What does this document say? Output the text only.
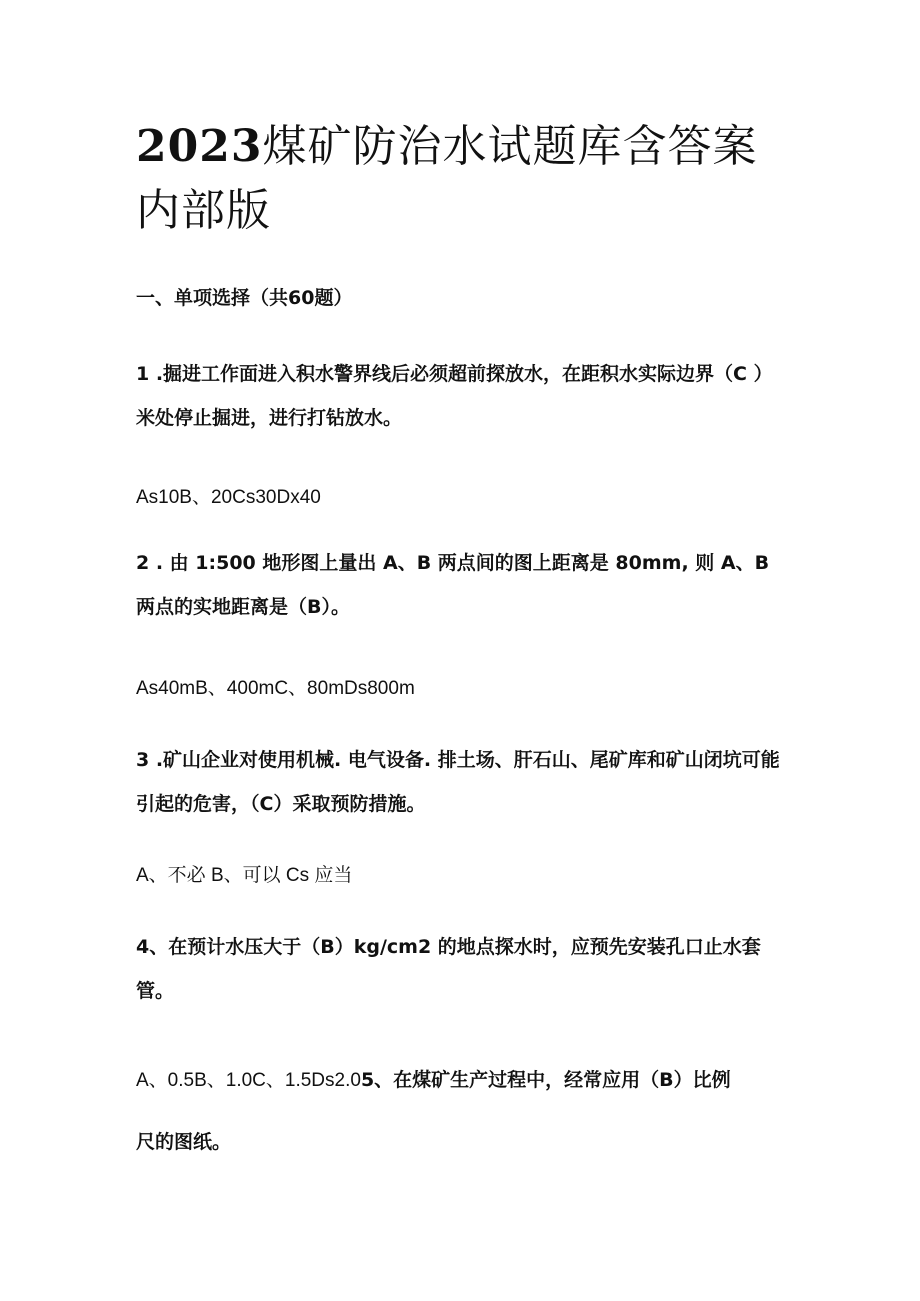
2023煤矿防治水试题库含答案内部版

一、单项选择（共60题）

1 .掘进工作面进入积水警界线后必须超前探放水，在距积水实际边界（C ）米处停止掘进，进行打钻放水。

As10B、20Cs30Dx40

2 . 由 1:500 地形图上量出 A、B 两点间的图上距离是 80mm, 则 A、B 两点的实地距离是（B）。

As40mB、400mC、80mDs800m

3 .矿山企业对使用机械. 电气设备. 排土场、肝石山、尾矿库和矿山闭坑可能引起的危害，（C）采取预防措施。

A、不必 B、可以 Cs 应当

4、在预计水压大于（B）kg/cm2 的地点探水时，应预先安装孔口止水套管。

A、0.5B、1.0C、1.5Ds2.05、在煤矿生产过程中，经常应用（B）比例

尺的图纸。
